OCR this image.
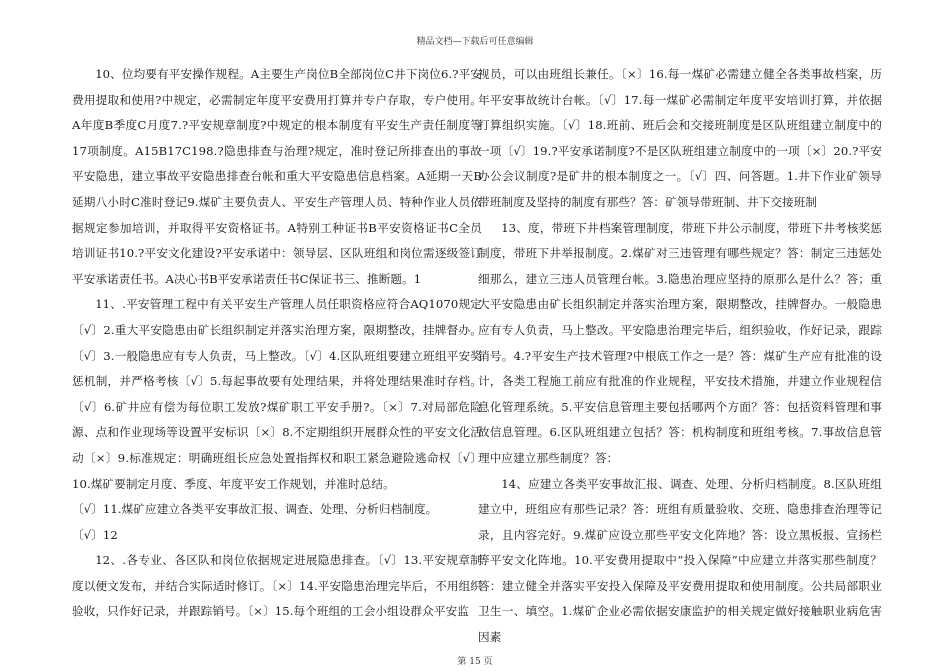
精品文档—下载后可任意编辑

10、位均要有平安操作规程。A主要生产岗位B全部岗位C井下岗位6.?平安费用提取和使用?中规定，必需制定年度平安费用打算并专户存取，专户使用。A年度B季度C月度7.?平安规章制度?中规定的根本制度有平安生产责任制度等17项制度。A15B17C198.?隐患排查与治理?规定，准时登记所排查出的事故平安隐患，建立事故平安隐患排查台帐和重大平安隐患信息档案。A延期一天B延期八小时C准时登记9.煤矿主要负责人、平安生产管理人员、特种作业人员依据规定参加培训，并取得平安资格证书。A特别工种证书B平安资格证书C全员培训证书10.?平安文化建设?平安承诺中：领导层、区队班组和岗位需逐级签订平安承诺责任书。A决心书B平安承诺责任书C保证书三、推断题。1

11、.平安管理工程中有关平安生产管理人员任职资格应符合AQ1070规定〔√〕2.重大平安隐患由矿长组织制定并落实治理方案，限期整改，挂牌督办。〔√〕3.一般隐患应有专人负责，马上整改。〔√〕4.区队班组要建立班组平安奖惩机制，并严格考核〔√〕5.每起事故要有处理结果，并将处理结果准时存档。〔√〕6.矿井应有偿为每位职工发放?煤矿职工平安手册?。〔×〕7.对局部危险源、点和作业现场等设置平安标识〔×〕8.不定期组织开展群众性的平安文化活动〔×〕9.标准规定：明确班组长应急处置指挥权和职工紧急避险逃命权〔√〕10.煤矿要制定月度、季度、年度平安工作规划，并准时总结。

〔√〕11.煤矿应建立各类平安事故汇报、调查、处理、分析归档制度。

〔√〕12

12、.各专业、各区队和岗位依据规定进展隐患排查。〔√〕13.平安规章制度以便文发布，并结合实际适时修订。〔×〕14.平安隐患治理完毕后，不用组织验收，只作好记录，并跟踪销号。〔×〕15.每个班组的工会小组设群众平安监

视员，可以由班组长兼任。〔×〕16.每一煤矿必需建立健全各类事故档案，历年平安事故统计台帐。〔√〕17.每一煤矿必需制定年度平安培训打算，并依据打算组织实施。〔√〕18.班前、班后会和交接班制度是区队班组建立制度中的一项〔√〕19.?平安承诺制度?不是区队班组建立制度中的一项〔×〕20.?平安办公会议制度?是矿井的根本制度之一。〔√〕四、问答题。1.井下作业矿领导带班制度及坚持的制度有那些？答：矿领导带班制、井下交接班制

13、度，带班下井档案管理制度，带班下井公示制度，带班下井考核奖惩制度，带班下井举报制度。2.煤矿对三违管理有哪些规定？答：制定三违惩处细那么，建立三违人员管理台帐。3.隐患治理应坚持的原那么是什么？答；重大平安隐患由矿长组织制定并落实治理方案，限期整改，挂牌督办。一般隐患应有专人负责，马上整改。平安隐患治理完毕后，组织验收，作好记录，跟踪销号。4.?平安生产技术管理?中根底工作之一是？答：煤矿生产应有批准的设计，各类工程施工前应有批准的作业规程，平安技术措施，并建立作业规程信息化管理系统。5.平安信息管理主要包括哪两个方面？答：包括资料管理和事故信息管理。6.区队班组建立包括？答：机构制度和班组考核。7.事故信息管理中应建立那些制度？答：

14、应建立各类平安事故汇报、调查、处理、分析归档制度。8.区队班组建立中，班组应有那些记录？答：班组有质量验收、交班、隐患排查治理等记录，且内容完好。9.煤矿应设立那些平安文化阵地？答：设立黑板报、宣扬栏等平安文化阵地。10.平安费用提取中“投入保障”中应建立并落实那些制度？答：建立健全并落实平安投入保障及平安费用提取和使用制度。公共局部职业卫生一、填空。1.煤矿企业必需依据安康监护的相关规定做好接触职业病危害因素

第 15 页
